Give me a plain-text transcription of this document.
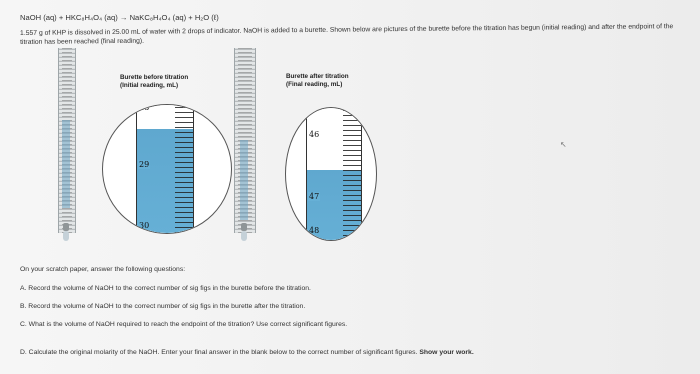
NaOH (aq) + HKC₈H₄O₄ (aq) → NaKC₈H₄O₄ (aq) + H₂O (ℓ)
1.557 g of KHP is dissolved in 25.00 mL of water with 2 drops of indicator. NaOH is added to a burette. Shown below are pictures of the burette before the titration has begun (initial reading) and after the endpoint of the titration has been reached (final reading).
Burette before titration
(Initial reading, mL)
Burette after titration
(Final reading, mL)
28
29
30
46
47
48
On your scratch paper, answer the following questions:
A. Record the volume of NaOH to the correct number of sig figs in the burette before the titration.
B. Record the volume of NaOH to the correct number of sig figs in the burette after the titration.
C. What is the volume of NaOH required to reach the endpoint of the titration? Use correct significant figures.
D. Calculate the original molarity of the NaOH. Enter your final answer in the blank below to the correct number of significant figures. Show your work.
↖
